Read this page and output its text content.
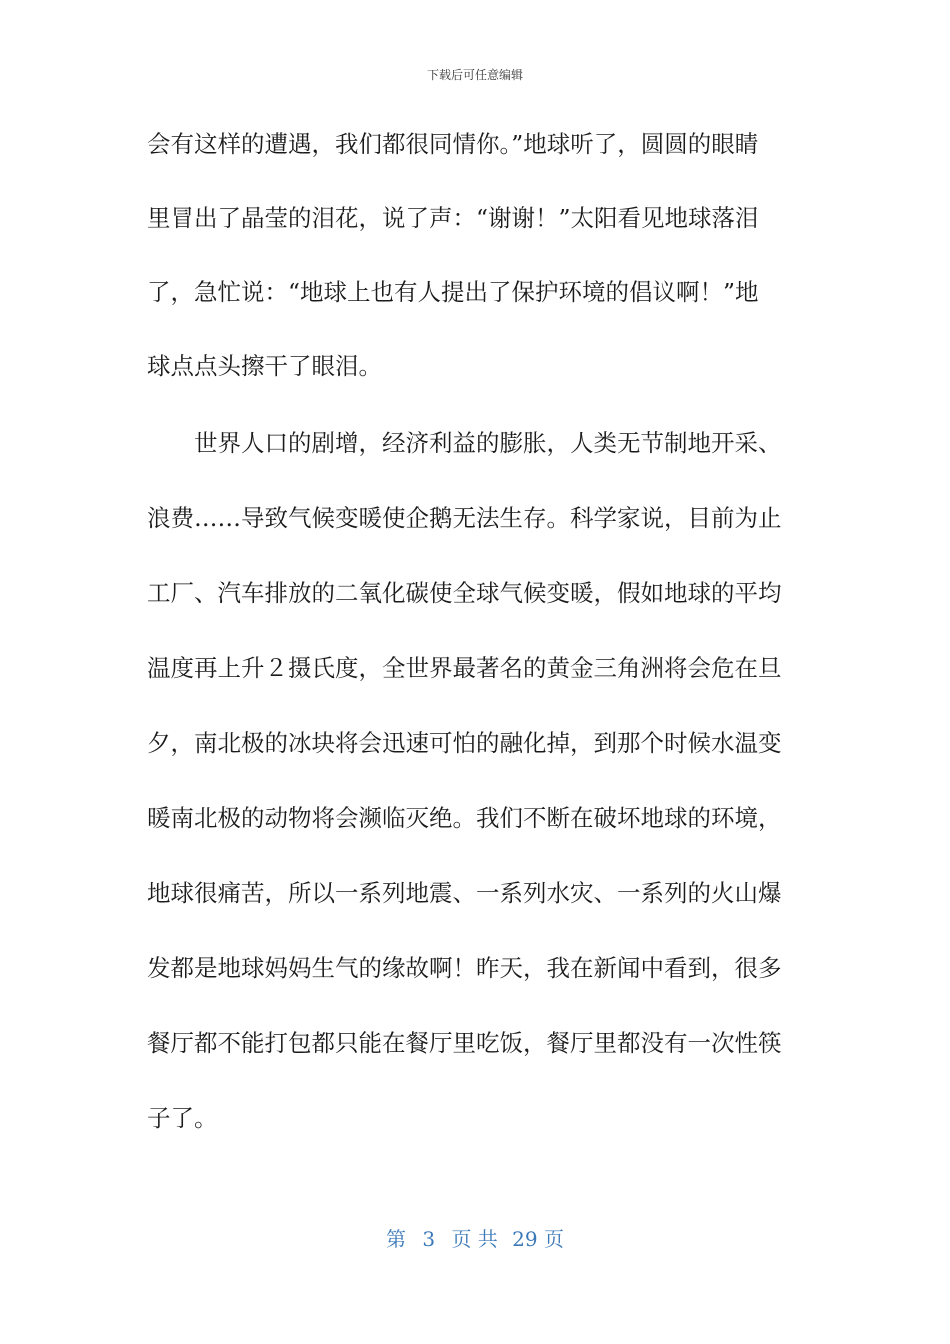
下载后可任意编辑
会有这样的遭遇，我们都很同情你。”地球听了，圆圆的眼睛
里冒出了晶莹的泪花，说了声：“谢谢！”太阳看见地球落泪
了，急忙说：“地球上也有人提出了保护环境的倡议啊！”地
球点点头擦干了眼泪。
世界人口的剧增，经济利益的膨胀，人类无节制地开采、
浪费……导致气候变暖使企鹅无法生存。科学家说，目前为止
工厂、汽车排放的二氧化碳使全球气候变暖，假如地球的平均
温度再上升２摄氏度，全世界最著名的黄金三角洲将会危在旦
夕，南北极的冰块将会迅速可怕的融化掉，到那个时候水温变
暖南北极的动物将会濒临灭绝。我们不断在破坏地球的环境，
地球很痛苦，所以一系列地震、一系列水灾、一系列的火山爆
发都是地球妈妈生气的缘故啊！昨天，我在新闻中看到，很多
餐厅都不能打包都只能在餐厅里吃饭，餐厅里都没有一次性筷
子了。
第 3 页 共 29 页
